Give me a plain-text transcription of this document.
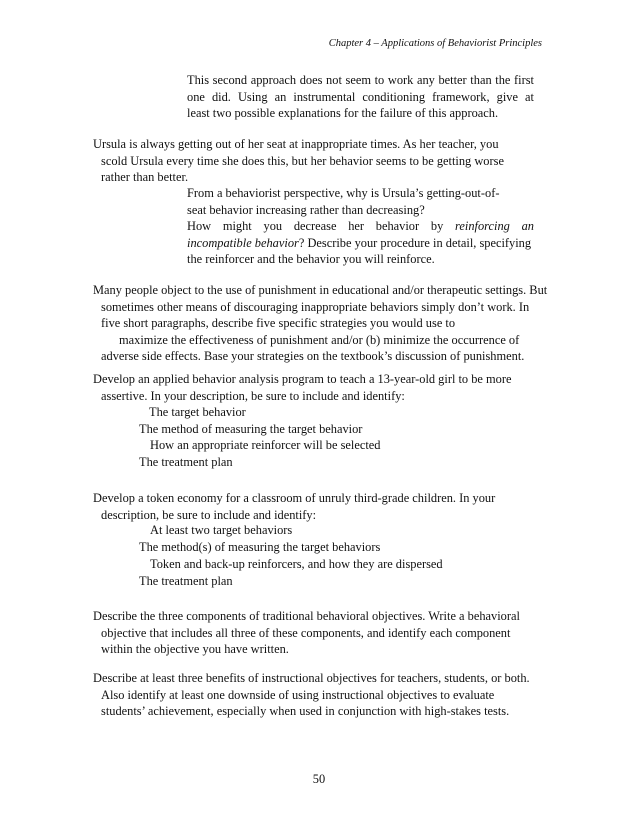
Chapter 4 – Applications of Behaviorist Principles
This second approach does not seem to work any better than the first
one did. Using an instrumental conditioning framework, give at
least two possible explanations for the failure of this approach.
Ursula is always getting out of her seat at inappropriate times. As her teacher, you
scold Ursula every time she does this, but her behavior seems to be getting worse
rather than better.
From a behaviorist perspective, why is Ursula’s getting-out-of-
seat behavior increasing rather than decreasing?
How might you decrease her behavior by reinforcing an
incompatible behavior? Describe your procedure in detail, specifying
the reinforcer and the behavior you will reinforce.
Many people object to the use of punishment in educational and/or therapeutic settings. But
sometimes other means of discouraging inappropriate behaviors simply don’t work. In
five short paragraphs, describe five specific strategies you would use to
maximize the effectiveness of punishment and/or (b) minimize the occurrence of
adverse side effects. Base your strategies on the textbook’s discussion of punishment.
Develop an applied behavior analysis program to teach a 13-year-old girl to be more
assertive. In your description, be sure to include and identify:
The target behavior
The method of measuring the target behavior
How an appropriate reinforcer will be selected
The treatment plan
Develop a token economy for a classroom of unruly third-grade children. In your
description, be sure to include and identify:
At least two target behaviors
The method(s) of measuring the target behaviors
Token and back-up reinforcers, and how they are dispersed
The treatment plan
Describe the three components of traditional behavioral objectives. Write a behavioral
objective that includes all three of these components, and identify each component
within the objective you have written.
Describe at least three benefits of instructional objectives for teachers, students, or both.
Also identify at least one downside of using instructional objectives to evaluate
students’ achievement, especially when used in conjunction with high-stakes tests.
50
